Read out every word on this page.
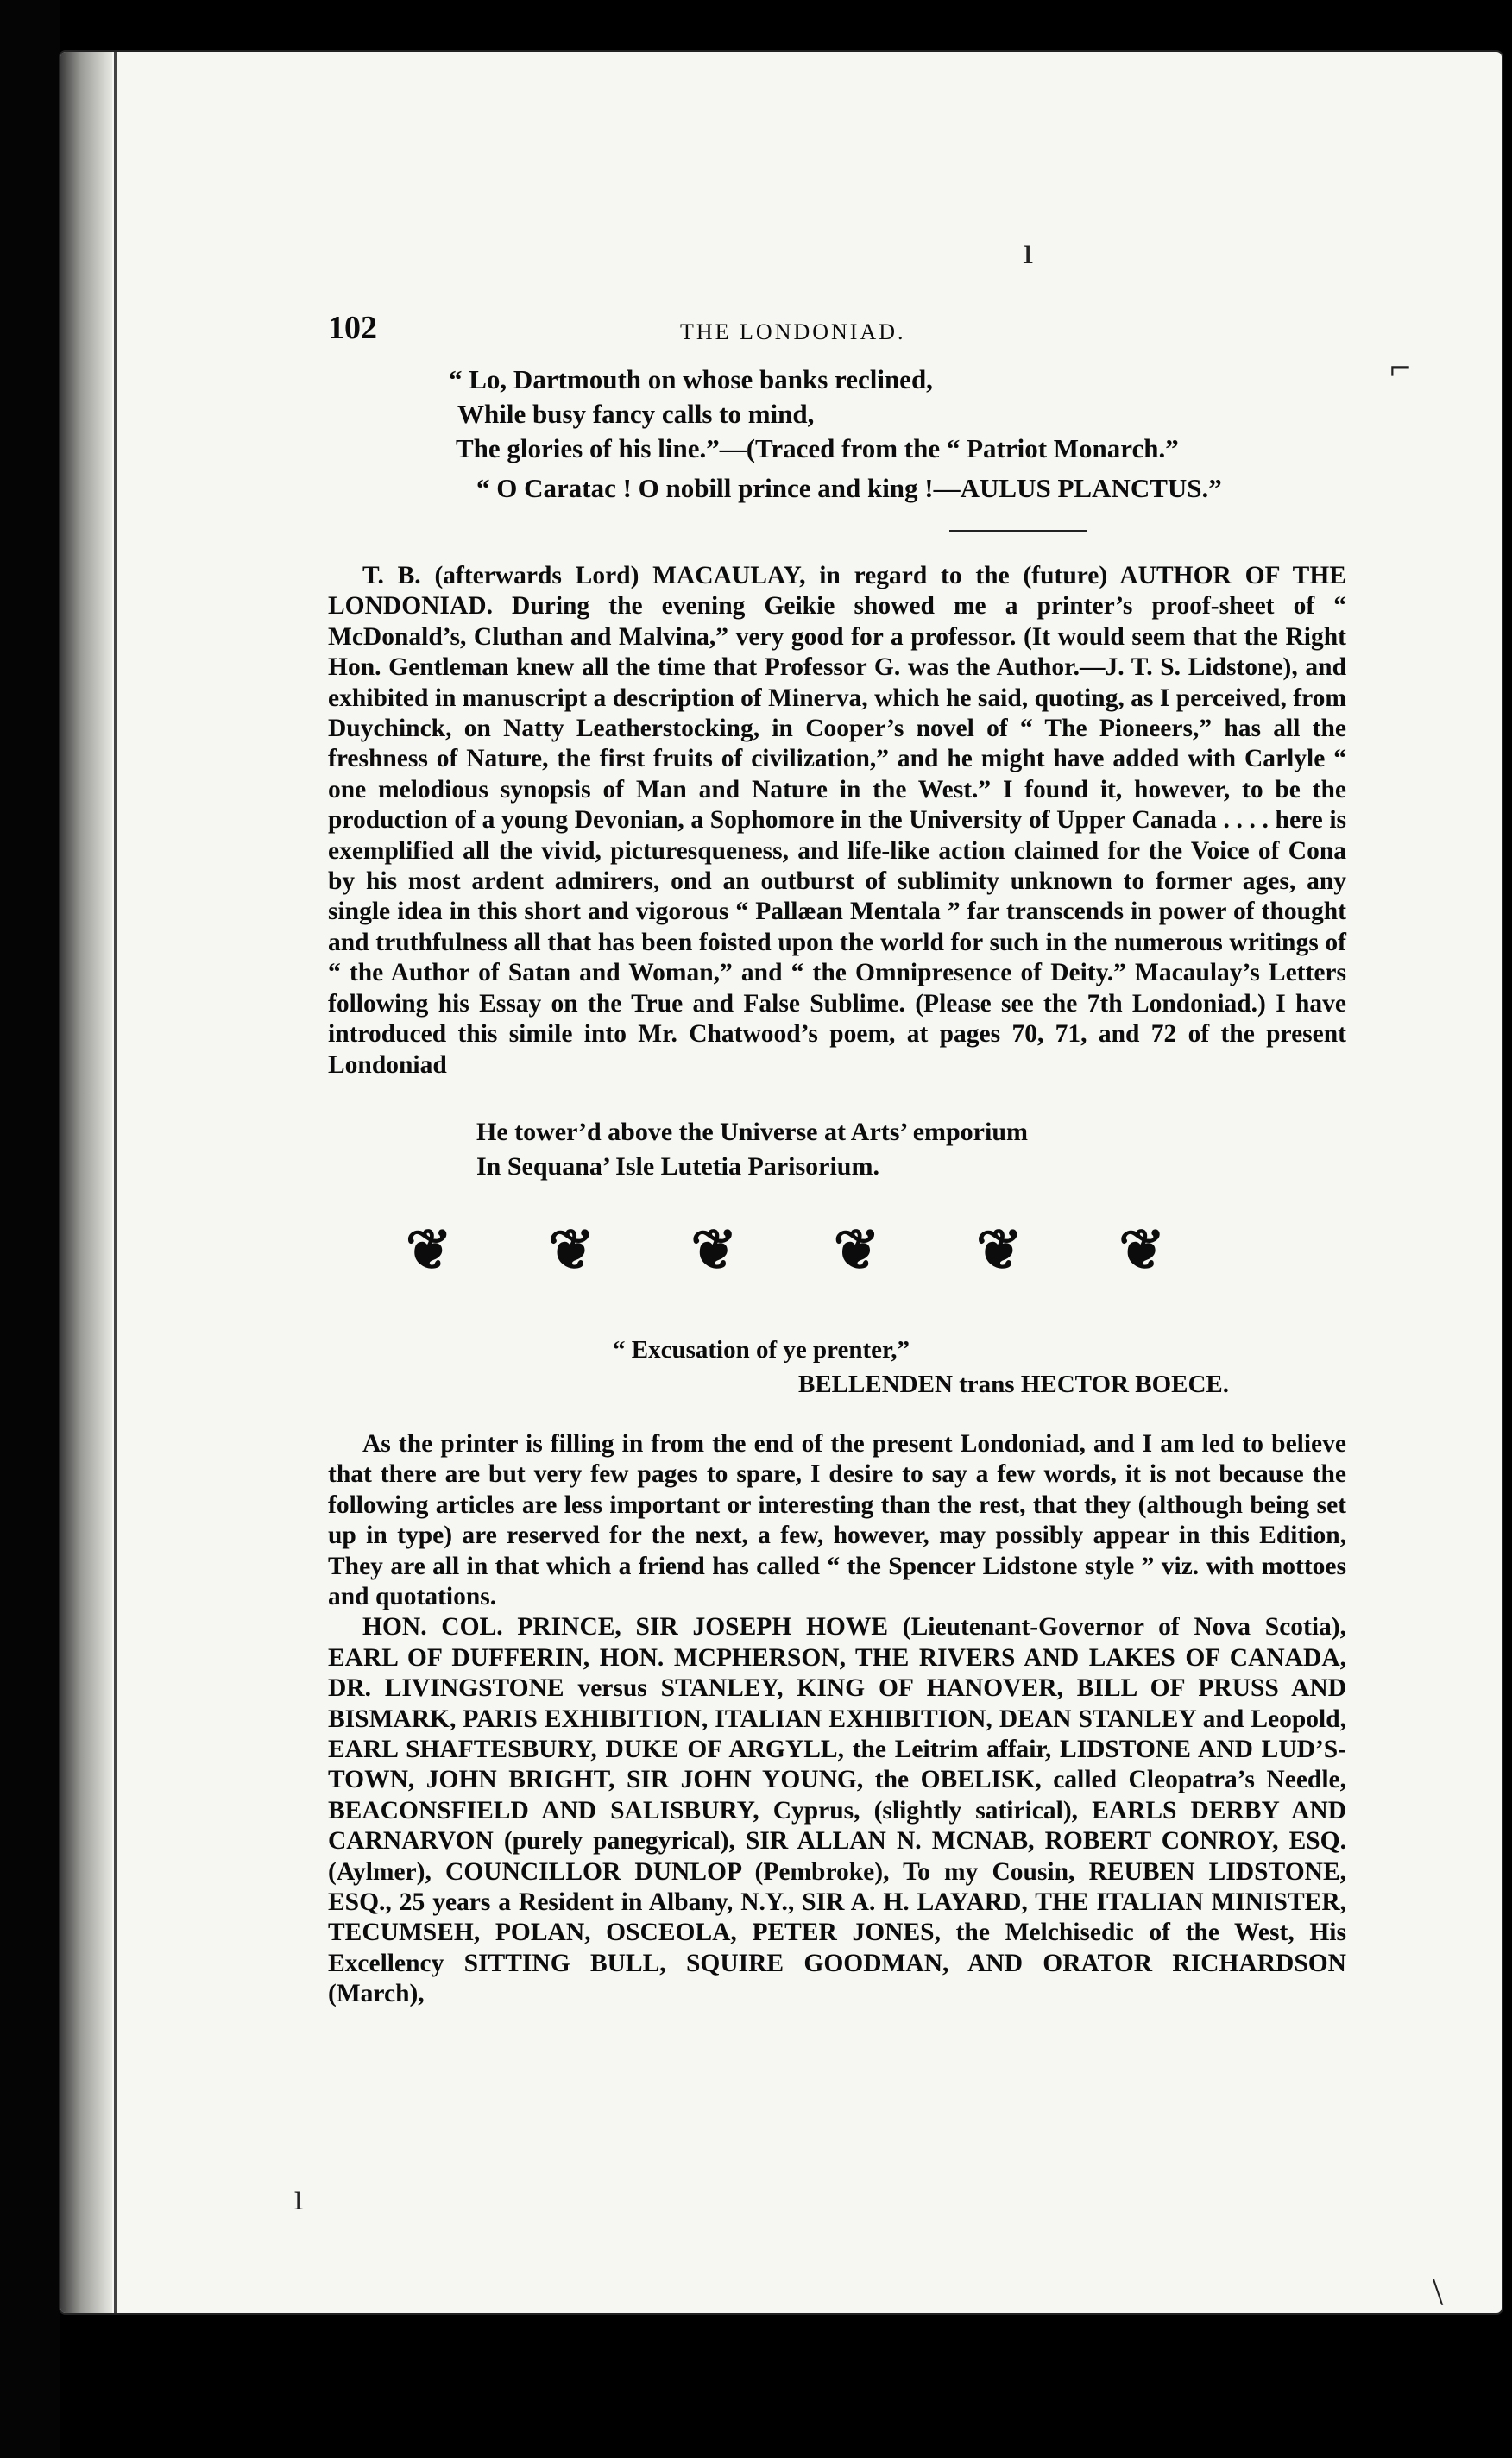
ı
⌐
ı
\
102	THE LONDONIAD.
“ Lo, Dartmouth on whose banks reclined,
While busy fancy calls to mind,
The glories of his line.”—(Traced from the “ Patriot Monarch.”
“ O Caratac ! O nobill prince and king !—AULUS PLANCTUS.”

T. B. (afterwards Lord) MACAULAY, in regard to the (future) AUTHOR OF THE LONDONIAD. During the evening Geikie showed me a printer’s proof-sheet of “ McDonald’s, Cluthan and Malvina,” very good for a professor. (It would seem that the Right Hon. Gentleman knew all the time that Professor G. was the Author.—J. T. S. Lidstone), and exhibited in manuscript a description of Minerva, which he said, quoting, as I perceived, from Duychinck, on Natty Leatherstocking, in Cooper’s novel of “ The Pioneers,” has all the freshness of Nature, the first fruits of civilization,” and he might have added with Carlyle “ one melodious synopsis of Man and Nature in the West.” I found it, however, to be the production of a young Devonian, a Sophomore in the University of Upper Canada . . . . here is exemplified all the vivid, picturesqueness, and life-like action claimed for the Voice of Cona by his most ardent admirers, ond an outburst of sublimity unknown to former ages, any single idea in this short and vigorous “ Pallæan Mentala ” far transcends in power of thought and truthfulness all that has been foisted upon the world for such in the numerous writings of “ the Author of Satan and Woman,” and “ the Omnipresence of Deity.” Macaulay’s Letters following his Essay on the True and False Sublime. (Please see the 7th Londoniad.) I have introduced this simile into Mr. Chatwood’s poem, at pages 70, 71, and 72 of the present Londoniad

He tower’d above the Universe at Arts’ emporium
In Sequana’ Isle Lutetia Parisorium.
❦ ❦ ❦ ❦ ❦ ❦
“ Excusation of ye prenter,”
BELLENDEN trans HECTOR BOECE.

As the printer is filling in from the end of the present Londoniad, and I am led to believe that there are but very few pages to spare, I desire to say a few words, it is not because the following articles are less important or interesting than the rest, that they (although being set up in type) are reserved for the next, a few, however, may possibly appear in this Edition, They are all in that which a friend has called “ the Spencer Lidstone style ” viz. with mottoes and quotations.

HON. COL. PRINCE, SIR JOSEPH HOWE (Lieutenant-Governor of Nova Scotia), EARL OF DUFFERIN, HON. MCPHERSON, THE RIVERS AND LAKES OF CANADA, DR. LIVINGSTONE versus STANLEY, KING OF HANOVER, BILL OF PRUSS AND BISMARK, PARIS EXHIBITION, ITALIAN EXHIBITION, DEAN STANLEY and Leopold, EARL SHAFTESBURY, DUKE OF ARGYLL, the Leitrim affair, LIDSTONE AND LUD’S-TOWN, JOHN BRIGHT, SIR JOHN YOUNG, the OBELISK, called Cleopatra’s Needle, BEACONSFIELD AND SALISBURY, Cyprus, (slightly satirical), EARLS DERBY AND CARNARVON (purely panegyrical), SIR ALLAN N. MCNAB, ROBERT CONROY, ESQ. (Aylmer), COUNCILLOR DUNLOP (Pembroke), To my Cousin, REUBEN LIDSTONE, ESQ., 25 years a Resident in Albany, N.Y., SIR A. H. LAYARD, THE ITALIAN MINISTER, TECUMSEH, POLAN, OSCEOLA, PETER JONES, the Melchisedic of the West, His Excellency SITTING BULL, SQUIRE GOODMAN, AND ORATOR RICHARDSON (March),
